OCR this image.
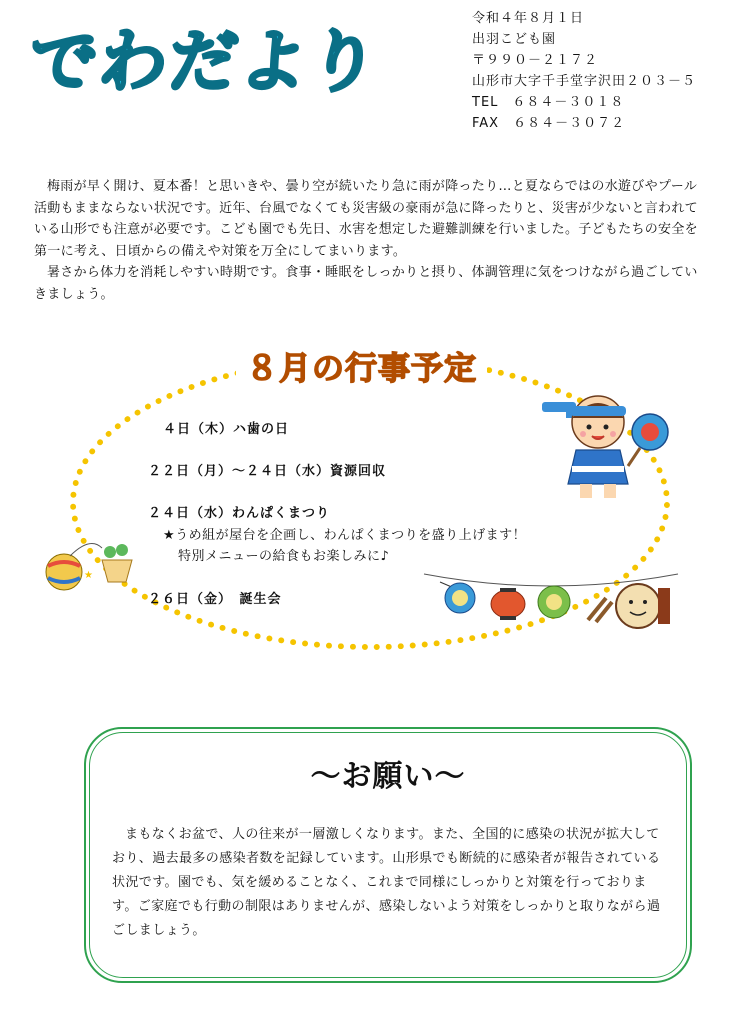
でわだより
令和４年８月１日
出羽こども園
〒９９０－２１７２
山形市大字千手堂字沢田２０３－５
TEL　６８４－３０１８
FAX　６８４－３０７２

梅雨が早く開け、夏本番！と思いきや、曇り空が続いたり急に雨が降ったり…と夏ならではの水遊びやプール活動もままならない状況です。近年、台風でなくても災害級の豪雨が急に降ったりと、災害が少ないと言われている山形でも注意が必要です。こども園でも先日、水害を想定した避難訓練を行いました。子どもたちの安全を第一に考え、日頃からの備えや対策を万全にしてまいります。

暑さから体力を消耗しやすい時期です。食事・睡眠をしっかりと摂り、体調管理に気をつけながら過ごしていきましょう。

８月の行事予定
４日（木）ハ歯の日
２２日（月）～２４日（水）資源回収
２４日（水）わんぱくまつり
★うめ組が屋台を企画し、わんぱくまつりを盛り上げます！
特別メニューの給食もお楽しみに♪
２６日（金）　誕生会
★
～お願い～

まもなくお盆で、人の往来が一層激しくなります。また、全国的に感染の状況が拡大しており、過去最多の感染者数を記録しています。山形県でも断続的に感染者が報告されている状況です。園でも、気を緩めることなく、これまで同様にしっかりと対策を行っております。ご家庭でも行動の制限はありませんが、感染しないよう対策をしっかりと取りながら過ごしましょう。
